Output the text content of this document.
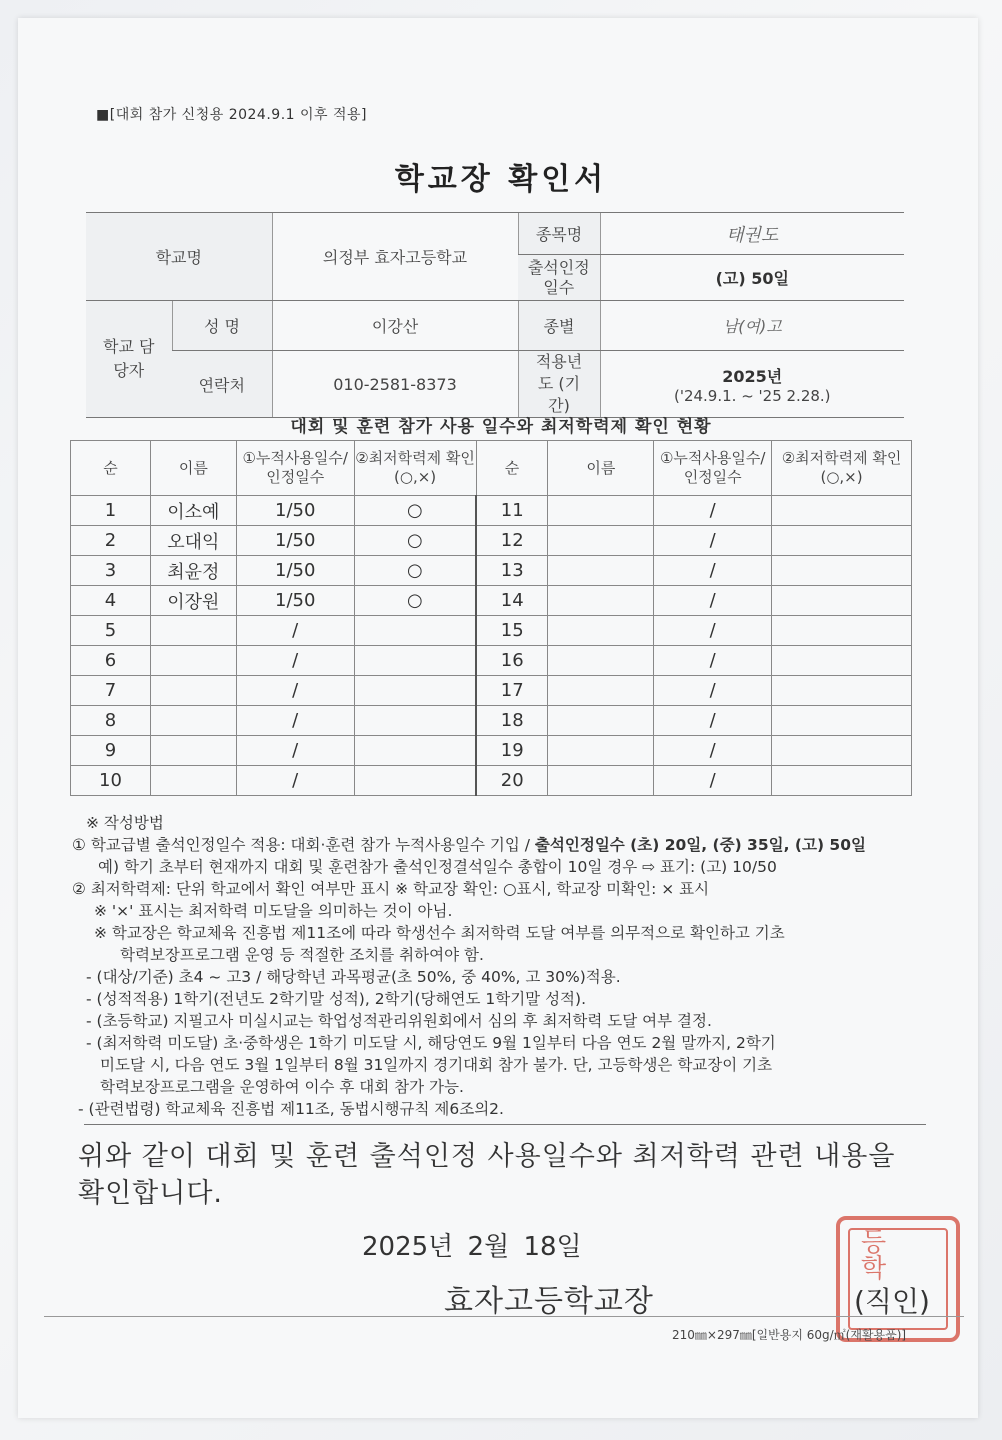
■[대회 참가 신청용 2024.9.1 이후 적용]
학교장 확인서
학교명		의정부 효자고등학교	종목명	태권도
			출석인정 일수	(고) 50일
학교 담당자	성 명	이강산	종별	남(여)고
	연락처	010-2581-8373	적용년도 (기간)	2025년
('24.9.1. ~ '25 2.28.)
대회 및 훈련 참가 사용 일수와 최저학력제 확인 현황
순	이름	①누적사용일수/인정일수	②최저학력제 확인(○,×)	순	이름	①누적사용일수/인정일수	②최저학력제 확인(○,×)
1	이소예	1/50	○	11		/	
2	오대익	1/50	○	12		/	
3	최윤정	1/50	○	13		/	
4	이장원	1/50	○	14		/	
5		/		15		/	
6		/		16		/	
7		/		17		/	
8		/		18		/	
9		/		19		/	
10		/		20		/	
※ 작성방법
① 학교급별 출석인정일수 적용: 대회·훈련 참가 누적사용일수 기입 / 출석인정일수 (초) 20일, (중) 35일, (고) 50일
예) 학기 초부터 현재까지 대회 및 훈련참가 출석인정결석일수 총합이 10일 경우 ⇨ 표기: (고) 10/50
② 최저학력제: 단위 학교에서 확인 여부만 표시 ※ 학교장 확인: ○표시, 학교장 미확인: × 표시
※ '×' 표시는 최저학력 미도달을 의미하는 것이 아님.
※ 학교장은 학교체육 진흥법 제11조에 따라 학생선수 최저학력 도달 여부를 의무적으로 확인하고 기초
학력보장프로그램 운영 등 적절한 조치를 취하여야 함.
- (대상/기준) 초4 ~ 고3 / 해당학년 과목평균(초 50%, 중 40%, 고 30%)적용.
- (성적적용) 1학기(전년도 2학기말 성적), 2학기(당해연도 1학기말 성적).
- (초등학교) 지필고사 미실시교는 학업성적관리위원회에서 심의 후 최저학력 도달 여부 결정.
- (최저학력 미도달) 초·중학생은 1학기 미도달 시, 해당연도 9월 1일부터 다음 연도 2월 말까지, 2학기
미도달 시, 다음 연도 3월 1일부터 8월 31일까지 경기대회 참가 불가. 단, 고등학생은 학교장이 기초
학력보장프로그램을 운영하여 이수 후 대회 참가 가능.
- (관련법령) 학교체육 진흥법 제11조, 동법시행규칙 제6조의2.
위와 같이 대회 및 훈련 출석인정 사용일수와 최저학력 관련 내용을
확인합니다.
2025년 2월 18일
효자고등학교장
등학
(직인)
210㎜×297㎜[일반용지 60g/㎡(재활용품)]
